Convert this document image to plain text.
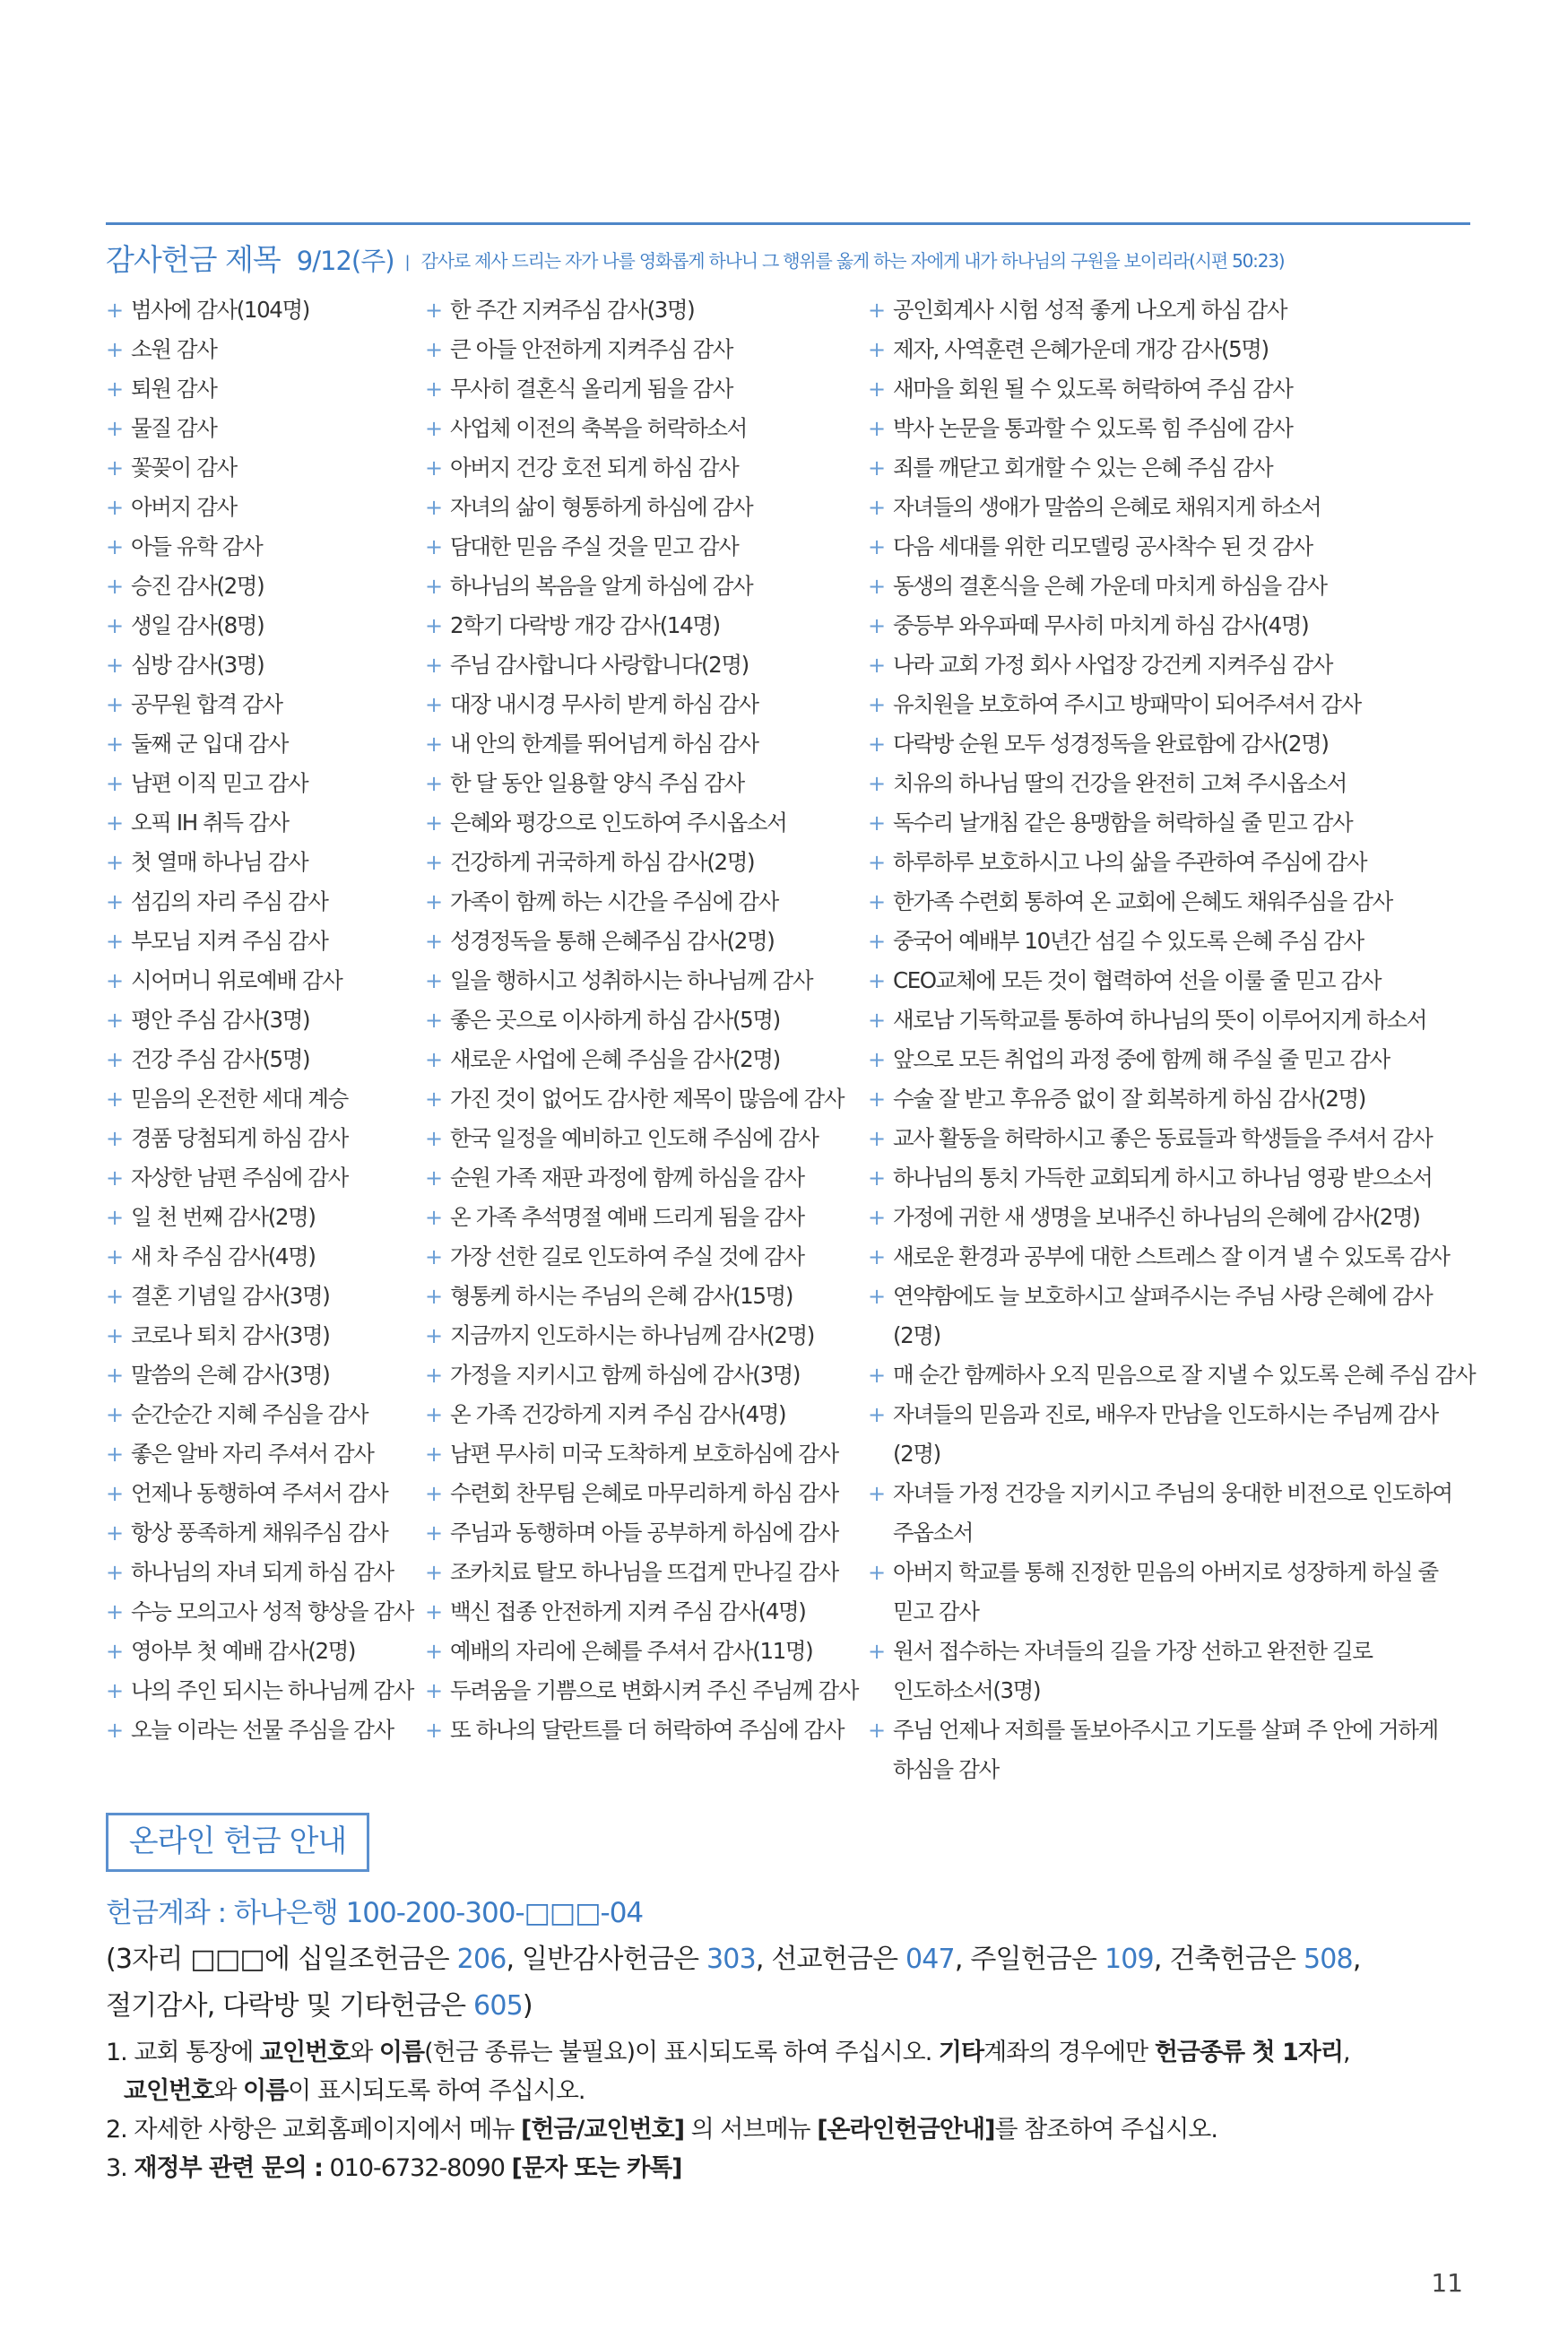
감사헌금 제목 9/12(주) | 감사로 제사 드리는 자가 나를 영화롭게 하나니 그 행위를 옳게 하는 자에게 내가 하나님의 구원을 보이리라(시편 50:23)
+ 범사에 감사(104명)
+ 소원 감사
+ 퇴원 감사
+ 물질 감사
+ 꽃꽂이 감사
+ 아버지 감사
+ 아들 유학 감사
+ 승진 감사(2명)
+ 생일 감사(8명)
+ 심방 감사(3명)
+ 공무원 합격 감사
+ 둘째 군 입대 감사
+ 남편 이직 믿고 감사
+ 오픽 IH 취득 감사
+ 첫 열매 하나님 감사
+ 섬김의 자리 주심 감사
+ 부모님 지켜 주심 감사
+ 시어머니 위로예배 감사
+ 평안 주심 감사(3명)
+ 건강 주심 감사(5명)
+ 믿음의 온전한 세대 계승
+ 경품 당첨되게 하심 감사
+ 자상한 남편 주심에 감사
+ 일 천 번째 감사(2명)
+ 새 차 주심 감사(4명)
+ 결혼 기념일 감사(3명)
+ 코로나 퇴치 감사(3명)
+ 말씀의 은혜 감사(3명)
+ 순간순간 지혜 주심을 감사
+ 좋은 알바 자리 주셔서 감사
+ 언제나 동행하여 주셔서 감사
+ 항상 풍족하게 채워주심 감사
+ 하나님의 자녀 되게 하심 감사
+ 수능 모의고사 성적 향상을 감사
+ 영아부 첫 예배 감사(2명)
+ 나의 주인 되시는 하나님께 감사
+ 오늘 이라는 선물 주심을 감사
+ 한 주간 지켜주심 감사(3명)
+ 큰 아들 안전하게 지켜주심 감사
+ 무사히 결혼식 올리게 됨을 감사
+ 사업체 이전의 축복을 허락하소서
+ 아버지 건강 호전 되게 하심 감사
+ 자녀의 삶이 형통하게 하심에 감사
+ 담대한 믿음 주실 것을 믿고 감사
+ 하나님의 복음을 알게 하심에 감사
+ 2학기 다락방 개강 감사(14명)
+ 주님 감사합니다 사랑합니다(2명)
+ 대장 내시경 무사히 받게 하심 감사
+ 내 안의 한계를 뛰어넘게 하심 감사
+ 한 달 동안 일용할 양식 주심 감사
+ 은혜와 평강으로 인도하여 주시옵소서
+ 건강하게 귀국하게 하심 감사(2명)
+ 가족이 함께 하는 시간을 주심에 감사
+ 성경정독을 통해 은혜주심 감사(2명)
+ 일을 행하시고 성취하시는 하나님께 감사
+ 좋은 곳으로 이사하게 하심 감사(5명)
+ 새로운 사업에 은혜 주심을 감사(2명)
+ 가진 것이 없어도 감사한 제목이 많음에 감사
+ 한국 일정을 예비하고 인도해 주심에 감사
+ 순원 가족 재판 과정에 함께 하심을 감사
+ 온 가족 추석명절 예배 드리게 됨을 감사
+ 가장 선한 길로 인도하여 주실 것에 감사
+ 형통케 하시는 주님의 은혜 감사(15명)
+ 지금까지 인도하시는 하나님께 감사(2명)
+ 가정을 지키시고 함께 하심에 감사(3명)
+ 온 가족 건강하게 지켜 주심 감사(4명)
+ 남편 무사히 미국 도착하게 보호하심에 감사
+ 수련회 찬무팀 은혜로 마무리하게 하심 감사
+ 주님과 동행하며 아들 공부하게 하심에 감사
+ 조카치료 탈모 하나님을 뜨겁게 만나길 감사
+ 백신 접종 안전하게 지켜 주심 감사(4명)
+ 예배의 자리에 은혜를 주셔서 감사(11명)
+ 두려움을 기쁨으로 변화시켜 주신 주님께 감사
+ 또 하나의 달란트를 더 허락하여 주심에 감사
+ 공인회계사 시험 성적 좋게 나오게 하심 감사
+ 제자, 사역훈련 은혜가운데 개강 감사(5명)
+ 새마을 회원 될 수 있도록 허락하여 주심 감사
+ 박사 논문을 통과할 수 있도록 힘 주심에 감사
+ 죄를 깨닫고 회개할 수 있는 은혜 주심 감사
+ 자녀들의 생애가 말씀의 은혜로 채워지게 하소서
+ 다음 세대를 위한 리모델링 공사착수 된 것 감사
+ 동생의 결혼식을 은혜 가운데 마치게 하심을 감사
+ 중등부 와우파떼 무사히 마치게 하심 감사(4명)
+ 나라 교회 가정 회사 사업장 강건케 지켜주심 감사
+ 유치원을 보호하여 주시고 방패막이 되어주셔서 감사
+ 다락방 순원 모두 성경정독을 완료함에 감사(2명)
+ 치유의 하나님 딸의 건강을 완전히 고쳐 주시옵소서
+ 독수리 날개침 같은 용맹함을 허락하실 줄 믿고 감사
+ 하루하루 보호하시고 나의 삶을 주관하여 주심에 감사
+ 한가족 수련회 통하여 온 교회에 은혜도 채워주심을 감사
+ 중국어 예배부 10년간 섬길 수 있도록 은혜 주심 감사
+ CEO교체에 모든 것이 협력하여 선을 이룰 줄 믿고 감사
+ 새로남 기독학교를 통하여 하나님의 뜻이 이루어지게 하소서
+ 앞으로 모든 취업의 과정 중에 함께 해 주실 줄 믿고 감사
+ 수술 잘 받고 후유증 없이 잘 회복하게 하심 감사(2명)
+ 교사 활동을 허락하시고 좋은 동료들과 학생들을 주셔서 감사
+ 하나님의 통치 가득한 교회되게 하시고 하나님 영광 받으소서
+ 가정에 귀한 새 생명을 보내주신 하나님의 은혜에 감사(2명)
+ 새로운 환경과 공부에 대한 스트레스 잘 이겨 낼 수 있도록 감사
+ 연약함에도 늘 보호하시고 살펴주시는 주님 사랑 은혜에 감사(2명)
+ 매 순간 함께하사 오직 믿음으로 잘 지낼 수 있도록 은혜 주심 감사
+ 자녀들의 믿음과 진로, 배우자 만남을 인도하시는 주님께 감사(2명)
+ 자녀들 가정 건강을 지키시고 주님의 웅대한 비전으로 인도하여 주옵소서
+ 아버지 학교를 통해 진정한 믿음의 아버지로 성장하게 하실 줄 믿고 감사
+ 원서 접수하는 자녀들의 길을 가장 선하고 완전한 길로 인도하소서(3명)
+ 주님 언제나 저희를 돌보아주시고 기도를 살펴 주 안에 거하게 하심을 감사
온라인 헌금 안내
헌금계좌 : 하나은행 100-200-300-□□□-04
(3자리 □□□에 십일조헌금은 206, 일반감사헌금은 303, 선교헌금은 047, 주일헌금은 109, 건축헌금은 508,
절기감사, 다락방 및 기타헌금은 605)
1. 교회 통장에 교인번호와 이름(헌금 종류는 불필요)이 표시되도록 하여 주십시오. 기타계좌의 경우에만 헌금종류 첫 1자리,
교인번호와 이름이 표시되도록 하여 주십시오.
2. 자세한 사항은 교회홈페이지에서 메뉴 [헌금/교인번호] 의 서브메뉴 [온라인헌금안내]를 참조하여 주십시오.
3. 재정부 관련 문의 : 010-6732-8090 [문자 또는 카톡]
11
